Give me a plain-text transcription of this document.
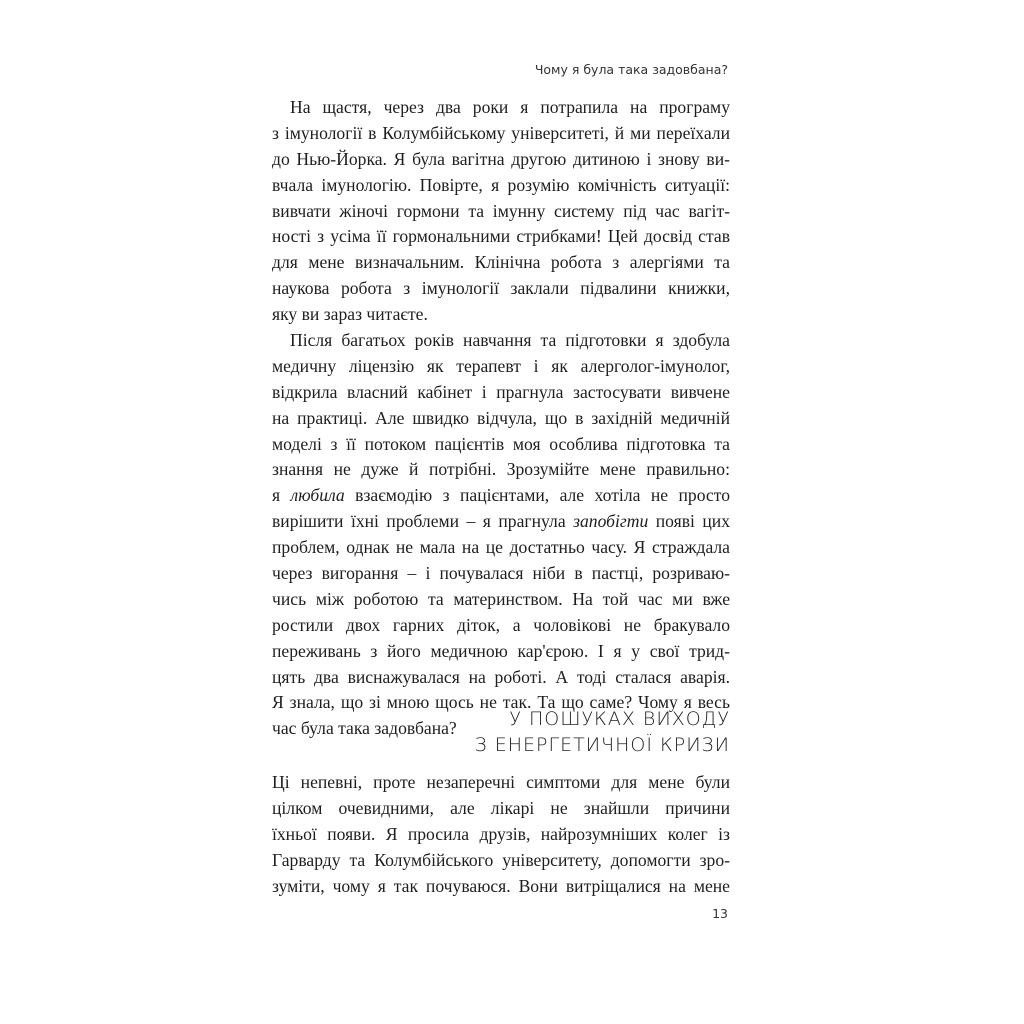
Чому я була така задовбана?
На щастя, через два роки я потрапила на програму
з імунології в Колумбійському університеті, й ми переїхали
до Нью-Йорка. Я була вагітна другою дитиною і знову ви-
вчала імунологію. Повірте, я розумію комічність ситуації:
вивчати жіночі гормони та імунну систему під час вагіт-
ності з усіма її гормональними стрибками! Цей досвід став
для мене визначальним. Клінічна робота з алергіями та
наукова робота з імунології заклали підвалини книжки,
яку ви зараз читаєте.
Після багатьох років навчання та підготовки я здобула
медичну ліцензію як терапевт і як алерголог-імунолог,
відкрила власний кабінет і прагнула застосувати вивчене
на практиці. Але швидко відчула, що в західній медичній
моделі з її потоком пацієнтів моя особлива підготовка та
знання не дуже й потрібні. Зрозумійте мене правильно:
я любила взаємодію з пацієнтами, але хотіла не просто
вирішити їхні проблеми – я прагнула запобігти появі цих
проблем, однак не мала на це достатньо часу. Я страждала
через вигорання – і почувалася ніби в пастці, розриваю-
чись між роботою та материнством. На той час ми вже
ростили двох гарних діток, а чоловікові не бракувало
переживань з його медичною кар'єрою. І я у свої трид-
цять два виснажувалася на роботі. А тоді сталася аварія.
Я знала, що зі мною щось не так. Та що саме? Чому я весь
час була така задовбана?	У ПОШУКАХ ВИХОДУ
З ЕНЕРГЕТИЧНОЇ КРИЗИ
Ці непевні, проте незаперечні симптоми для мене були
цілком очевидними, але лікарі не знайшли причини
їхньої появи. Я просила друзів, найрозумніших колег із
Гарварду та Колумбійського університету, допомогти зро-
зуміти, чому я так почуваюся. Вони витріщалися на мене
13
